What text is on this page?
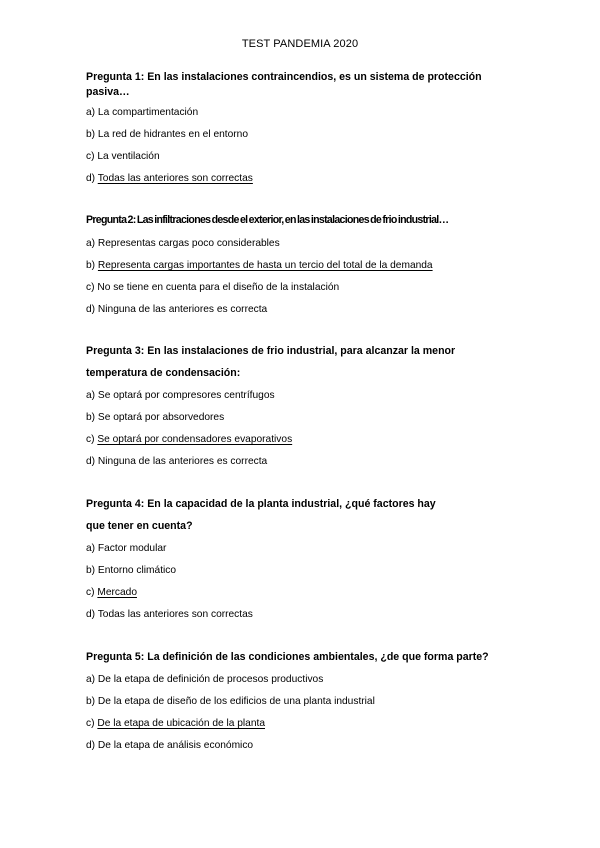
TEST PANDEMIA 2020
Pregunta 1: En las instalaciones contraincendios, es un sistema de protección pasiva…
a) La compartimentación
b) La red de hidrantes en el entorno
c) La ventilación
d) Todas las anteriores son correctas
Pregunta 2: Las infiltraciones desde el exterior, en las instalaciones de frio industrial…
a) Representas cargas poco considerables
b) Representa cargas importantes de hasta un tercio del total de la demanda
c) No se tiene en cuenta para el diseño de la instalación
d) Ninguna de las anteriores es correcta
Pregunta 3: En las instalaciones de frio industrial, para alcanzar la menor
temperatura de condensación:
a) Se optará por compresores centrífugos
b) Se optará por absorvedores
c) Se optará por condensadores evaporativos
d) Ninguna de las anteriores es correcta
Pregunta 4: En la capacidad de la planta industrial, ¿qué factores hay
que tener en cuenta?
a) Factor modular
b) Entorno climático
c) Mercado
d) Todas las anteriores son correctas
Pregunta 5: La definición de las condiciones ambientales, ¿de que forma parte?
a) De la etapa de definición de procesos productivos
b) De la etapa de diseño de los edificios de una planta industrial
c) De la etapa de ubicación de la planta
d) De la etapa de análisis económico
